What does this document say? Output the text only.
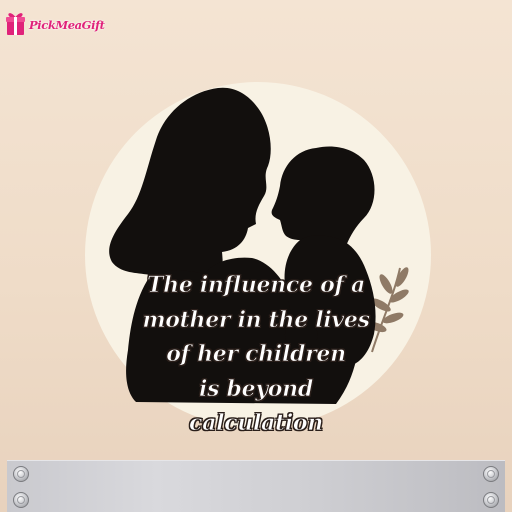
PickMeaGift
The influence of a
mother in the lives
of her children
is beyond
calculation
